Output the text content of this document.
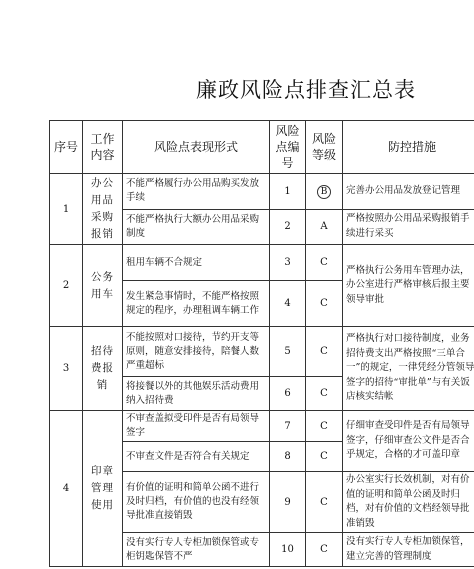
廉政风险点排查汇总表
序号	工作内容	风险点表现形式	风险点编号	风险等级	防控措施
1	办公用品采购报销	不能严格履行办公用品购买发放手续	1	B	完善办公用品发放登记管理
		不能严格执行大额办公用品采购制度	2	A	严格按照办公用品采购报销手续进行采买
2	公务用车	租用车辆不合规定	3	C	严格执行公务用车管理办法，办公室进行严格审核后报主要领导审批
		发生紧急事情时，不能严格按照规定的程序，办理租调车辆工作	4	C	
3	招待费报销	不能按照对口接待，节约开支等原则，随意安排接待，陪餐人数严重超标	5	C	严格执行对口接待制度，业务招待费支出严格按照“三单合一”的规定，一律凭经分管领导签字的招待“审批单”与有关饭店核实结帐
		将接餐以外的其他娱乐活动费用纳入招待费	6	C	
4	印章管理使用	不审查盖拟受印件是否有局领导签字	7	C	仔细审查受印件是否有局领导签字，仔细审查公文件是否合乎规定，合格的才可盖印章
		不审查文件是否符合有关规定	8	C	
		有价值的证明和简单公函不进行及时归档，有价值的也没有经领导批准直接销毁	9	C	办公室实行长效机制，对有价值的证明和简单公函及时归档，对有价值的文档经领导批准销毁
		没有实行专人专柜加锁保管或专柜钥匙保管不严	10	C	没有实行专人专柜加锁保管，建立完善的管理制度
